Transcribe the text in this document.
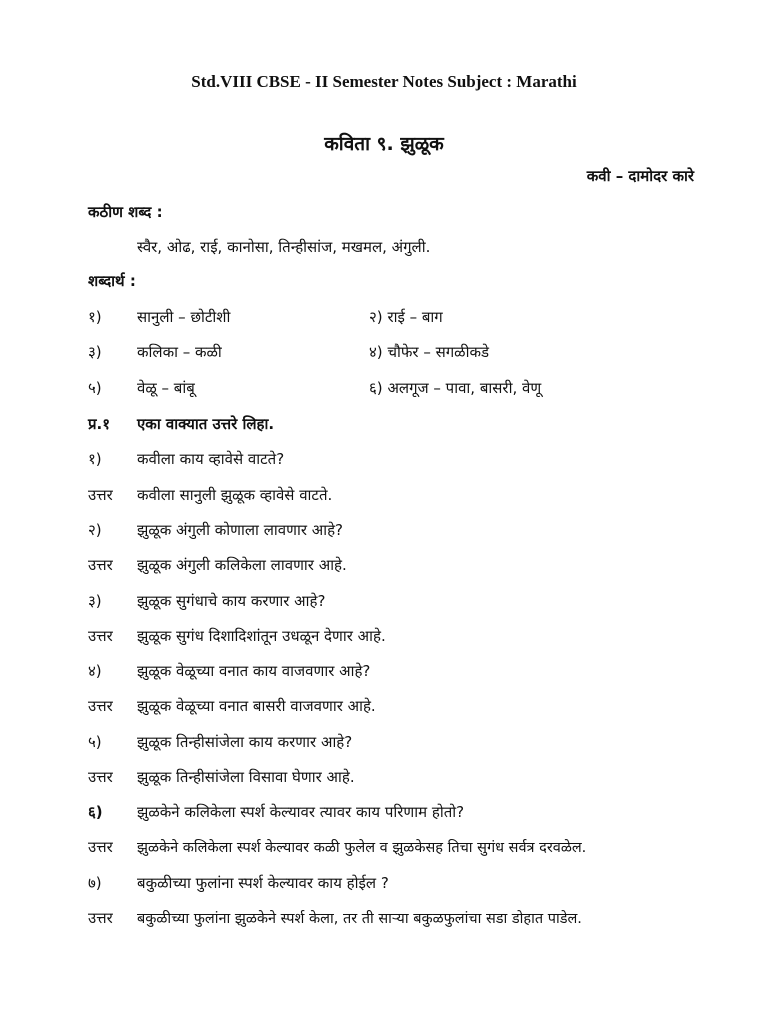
Std.VIII CBSE - II Semester Notes Subject : Marathi
कविता ९. झुळूक
कवी – दामोदर कारे
कठीण शब्द :
स्वैर, ओढ, राई, कानोसा, तिन्हीसांज, मखमल, अंगुली.
शब्दार्थ :
१) सानुली – छोटीशी	२) राई – बाग
३) कलिका – कळी	४) चौफेर – सगळीकडे
५) वेळू – बांबू	६) अलगूज – पावा, बासरी, वेणू
प्र.१ एका वाक्यात उत्तरे लिहा.
१) कवीला काय व्हावेसे वाटते?
उत्तर कवीला सानुली झुळूक व्हावेसे वाटते.
२) झुळूक अंगुली कोणाला लावणार आहे?
उत्तर झुळूक अंगुली कलिकेला लावणार आहे.
३) झुळूक सुगंधाचे काय करणार आहे?
उत्तर झुळूक सुगंध दिशादिशांतून उधळून देणार आहे.
४) झुळूक वेळूच्या वनात काय वाजवणार आहे?
उत्तर झुळूक वेळूच्या वनात बासरी वाजवणार आहे.
५) झुळूक तिन्हीसांजेला काय करणार आहे?
उत्तर झुळूक तिन्हीसांजेला विसावा घेणार आहे.
६) झुळकेने कलिकेला स्पर्श केल्यावर त्यावर काय परिणाम होतो?
उत्तर झुळकेने कलिकेला स्पर्श केल्यावर कळी फुलेल व झुळकेसह तिचा सुगंध सर्वत्र दरवळेल.
७) बकुळीच्या फुलांना स्पर्श केल्यावर काय होईल ?
उत्तर बकुळीच्या फुलांना झुळकेने स्पर्श केला, तर ती साऱ्या बकुळफुलांचा सडा डोहात पाडेल.
